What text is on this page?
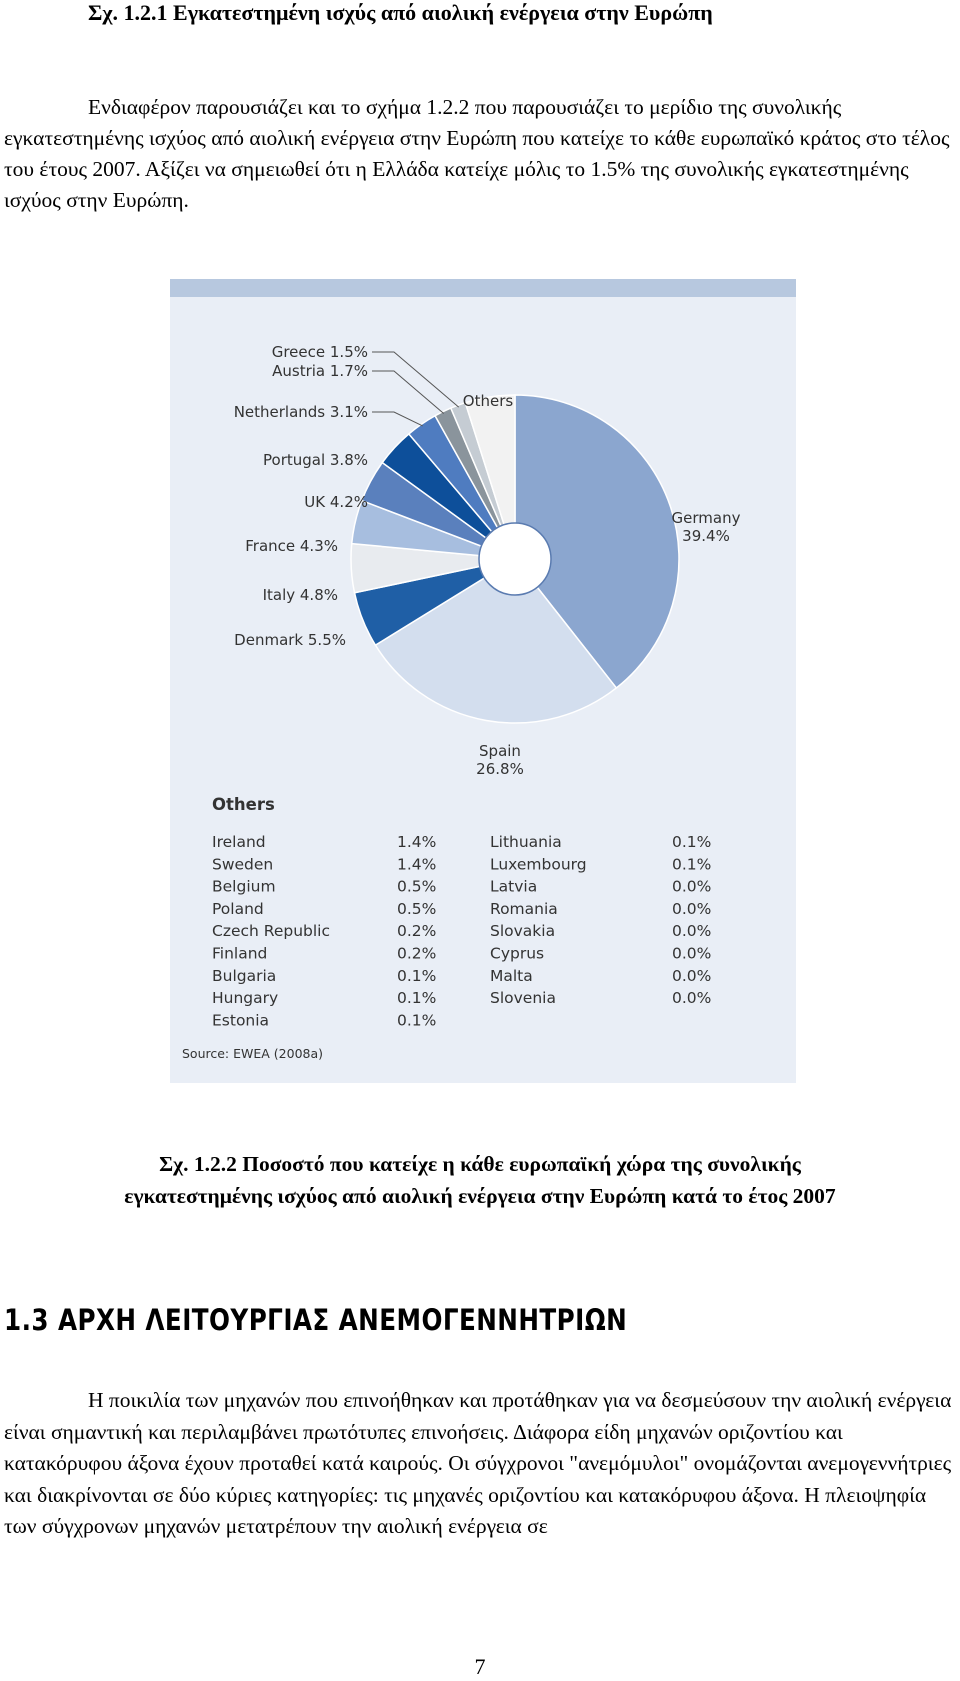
Σχ. 1.2.1 Εγκατεστημένη ισχύς από αιολική ενέργεια στην Ευρώπη

Ενδιαφέρον παρουσιάζει και το σχήμα 1.2.2 που παρουσιάζει το μερίδιο της συνολικής εγκατεστημένης ισχύος από αιολική ενέργεια στην Ευρώπη που κατείχε το κάθε ευρωπαϊκό κράτος στο τέλος του έτους 2007. Αξίζει να σημειωθεί ότι η Ελλάδα κατείχε μόλις το 1.5% της συνολικής εγκατεστημένης ισχύος στην Ευρώπη.

Germany
39.4%
Spain
26.8%
Denmark 5.5%
Italy 4.8%
France 4.3%
UK 4.2%
Portugal 3.8%
Netherlands 3.1%
Austria 1.7%
Greece 1.5%
Others
Others
Ireland	1.4%
Sweden	1.4%
Belgium	0.5%
Poland	0.5%
Czech Republic	0.2%
Finland	0.2%
Bulgaria	0.1%
Hungary	0.1%
Estonia	0.1%
Lithuania	0.1%
Luxembourg	0.1%
Latvia	0.0%
Romania	0.0%
Slovakia	0.0%
Cyprus	0.0%
Malta	0.0%
Slovenia	0.0%
Source: EWEA (2008a)
Σχ. 1.2.2 Ποσοστό που κατείχε η κάθε ευρωπαϊκή χώρα της συνολικής
εγκατεστημένης ισχύος από αιολική ενέργεια στην Ευρώπη κατά το έτος 2007
1.3 ΑΡΧΗ ΛΕΙΤΟΥΡΓΙΑΣ ΑΝΕΜΟΓΕΝΝΗΤΡΙΩΝ

Η ποικιλία των μηχανών που επινοήθηκαν και προτάθηκαν για να δεσμεύσουν την αιολική ενέργεια είναι σημαντική και περιλαμβάνει πρωτότυπες επινοήσεις. Διάφορα είδη μηχανών οριζοντίου και κατακόρυφου άξονα έχουν προταθεί κατά καιρούς. Οι σύγχρονοι "ανεμόμυλοι" ονομάζονται ανεμογεννήτριες και διακρίνονται σε δύο κύριες κατηγορίες: τις μηχανές οριζοντίου και κατακόρυφου άξονα. Η πλειοψηφία των σύγχρονων μηχανών μετατρέπουν την αιολική ενέργεια σε

7
